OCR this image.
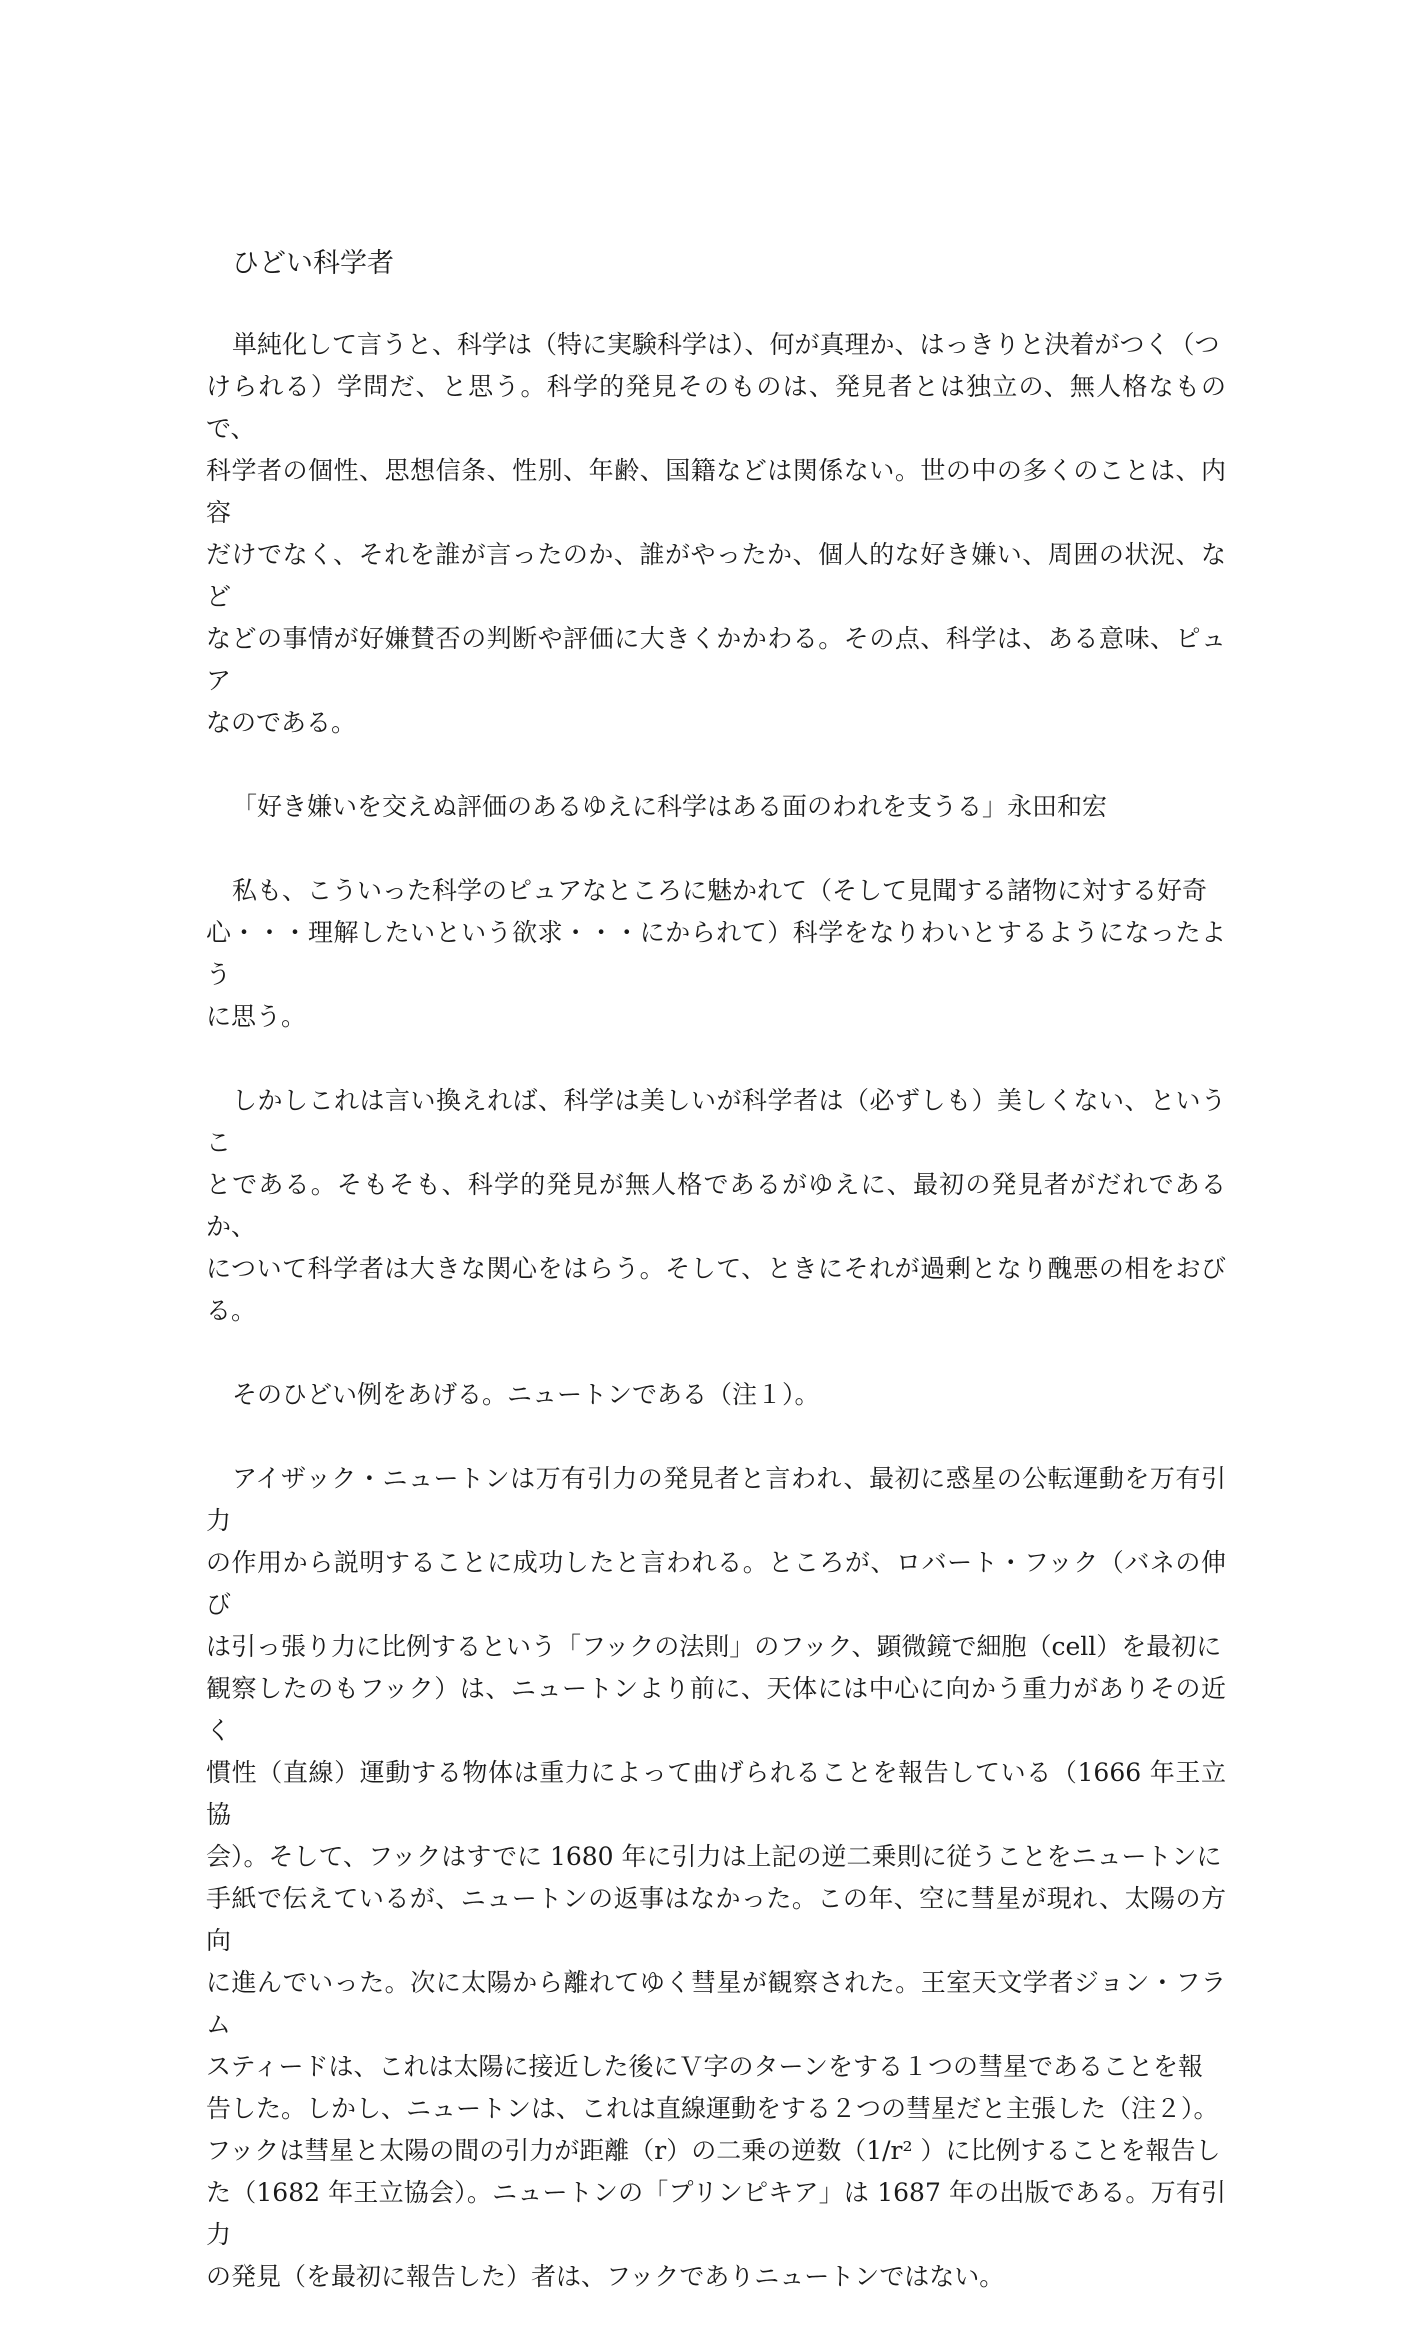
ひどい科学者

単純化して言うと、科学は（特に実験科学は）、何が真理か、はっきりと決着がつく（つ
けられる）学問だ、と思う。科学的発見そのものは、発見者とは独立の、無人格なもので、
科学者の個性、思想信条、性別、年齢、国籍などは関係ない。世の中の多くのことは、内容
だけでなく、それを誰が言ったのか、誰がやったか、個人的な好き嫌い、周囲の状況、など
などの事情が好嫌賛否の判断や評価に大きくかかわる。その点、科学は、ある意味、ピュア
なのである。

「好き嫌いを交えぬ評価のあるゆえに科学はある面のわれを支うる」永田和宏

私も、こういった科学のピュアなところに魅かれて（そして見聞する諸物に対する好奇
心・・・理解したいという欲求・・・にかられて）科学をなりわいとするようになったよう
に思う。

しかしこれは言い換えれば、科学は美しいが科学者は（必ずしも）美しくない、というこ
とである。そもそも、科学的発見が無人格であるがゆえに、最初の発見者がだれであるか、
について科学者は大きな関心をはらう。そして、ときにそれが過剰となり醜悪の相をおびる。

そのひどい例をあげる。ニュートンである（注１）。

アイザック・ニュートンは万有引力の発見者と言われ、最初に惑星の公転運動を万有引力
の作用から説明することに成功したと言われる。ところが、ロバート・フック（バネの伸び
は引っ張り力に比例するという「フックの法則」のフック、顕微鏡で細胞（cell）を最初に
観察したのもフック）は、ニュートンより前に、天体には中心に向かう重力がありその近く
慣性（直線）運動する物体は重力によって曲げられることを報告している（1666 年王立協
会）。そして、フックはすでに 1680 年に引力は上記の逆二乗則に従うことをニュートンに
手紙で伝えているが、ニュートンの返事はなかった。この年、空に彗星が現れ、太陽の方向
に進んでいった。次に太陽から離れてゆく彗星が観察された。王室天文学者ジョン・フラム
スティードは、これは太陽に接近した後にＶ字のターンをする１つの彗星であることを報
告した。しかし、ニュートンは、これは直線運動をする２つの彗星だと主張した（注２）。
フックは彗星と太陽の間の引力が距離（r）の二乗の逆数（1/r² ）に比例することを報告し
た（1682 年王立協会）。ニュートンの「プリンピキア」は 1687 年の出版である。万有引力
の発見（を最初に報告した）者は、フックでありニュートンではない。
